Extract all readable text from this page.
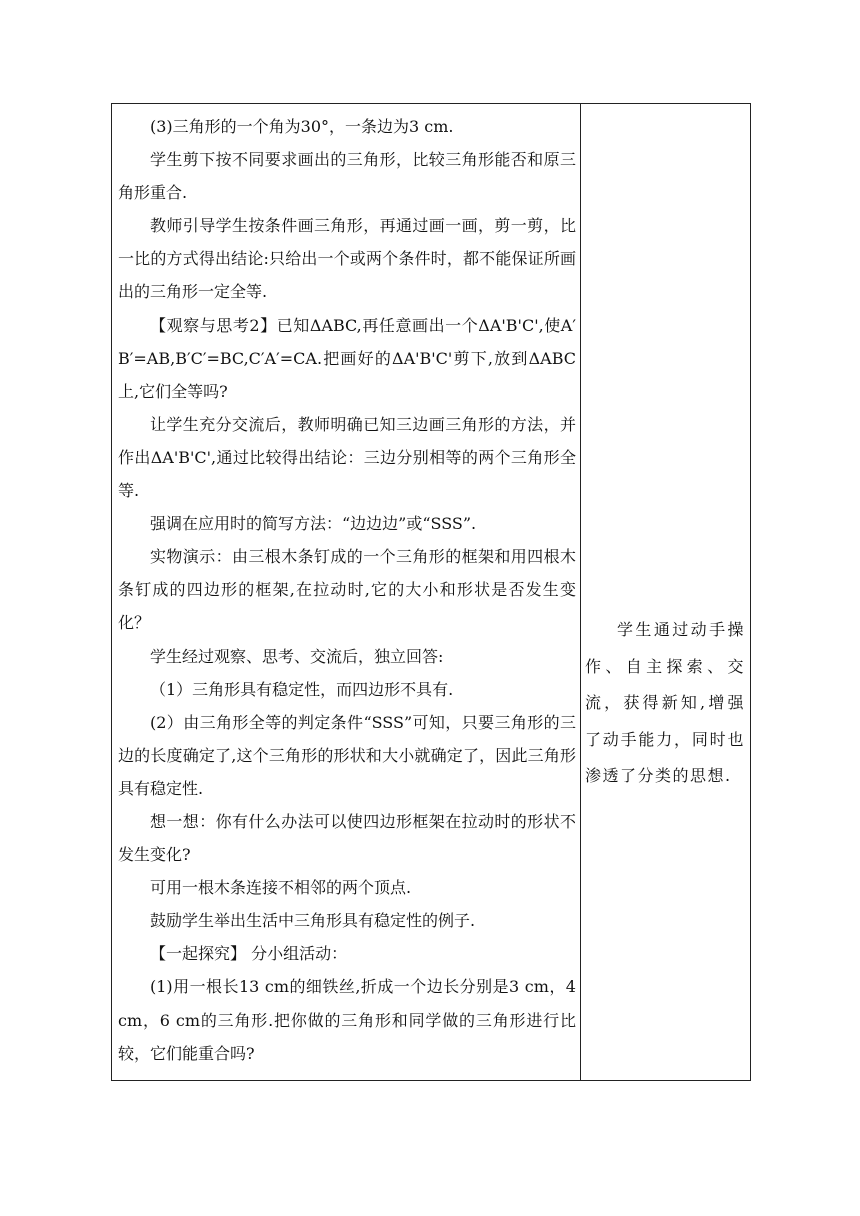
(3)三角形的一个角为30°，一条边为3 cm.

学生剪下按不同要求画出的三角形，比较三角形能否和原三角形重合.

教师引导学生按条件画三角形，再通过画一画，剪一剪，比一比的方式得出结论:只给出一个或两个条件时，都不能保证所画出的三角形一定全等.

【观察与思考2】已知ΔABC,再任意画出一个ΔA'B'C',使A′B′=AB,B′C′=BC,C′A′=CA.把画好的ΔA'B'C'剪下,放到ΔABC上,它们全等吗?

让学生充分交流后，教师明确已知三边画三角形的方法，并作出ΔA'B'C',通过比较得出结论：三边分别相等的两个三角形全等.

强调在应用时的简写方法：“边边边”或“SSS”.

实物演示：由三根木条钉成的一个三角形的框架和用四根木条钉成的四边形的框架,在拉动时,它的大小和形状是否发生变化？

学生经过观察、思考、交流后，独立回答:

（1）三角形具有稳定性，而四边形不具有.

(2）由三角形全等的判定条件“SSS”可知，只要三角形的三边的长度确定了,这个三角形的形状和大小就确定了，因此三角形具有稳定性.

想一想：你有什么办法可以使四边形框架在拉动时的形状不发生变化?

可用一根木条连接不相邻的两个顶点.

鼓励学生举出生活中三角形具有稳定性的例子.

【一起探究】 分小组活动：

(1)用一根长13 cm的细铁丝,折成一个边长分别是3 cm，4 cm，6 cm的三角形.把你做的三角形和同学做的三角形进行比较，它们能重合吗?

学生通过动手操作、自主探索、交流，获得新知,增强了动手能力，同时也渗透了分类的思想.
